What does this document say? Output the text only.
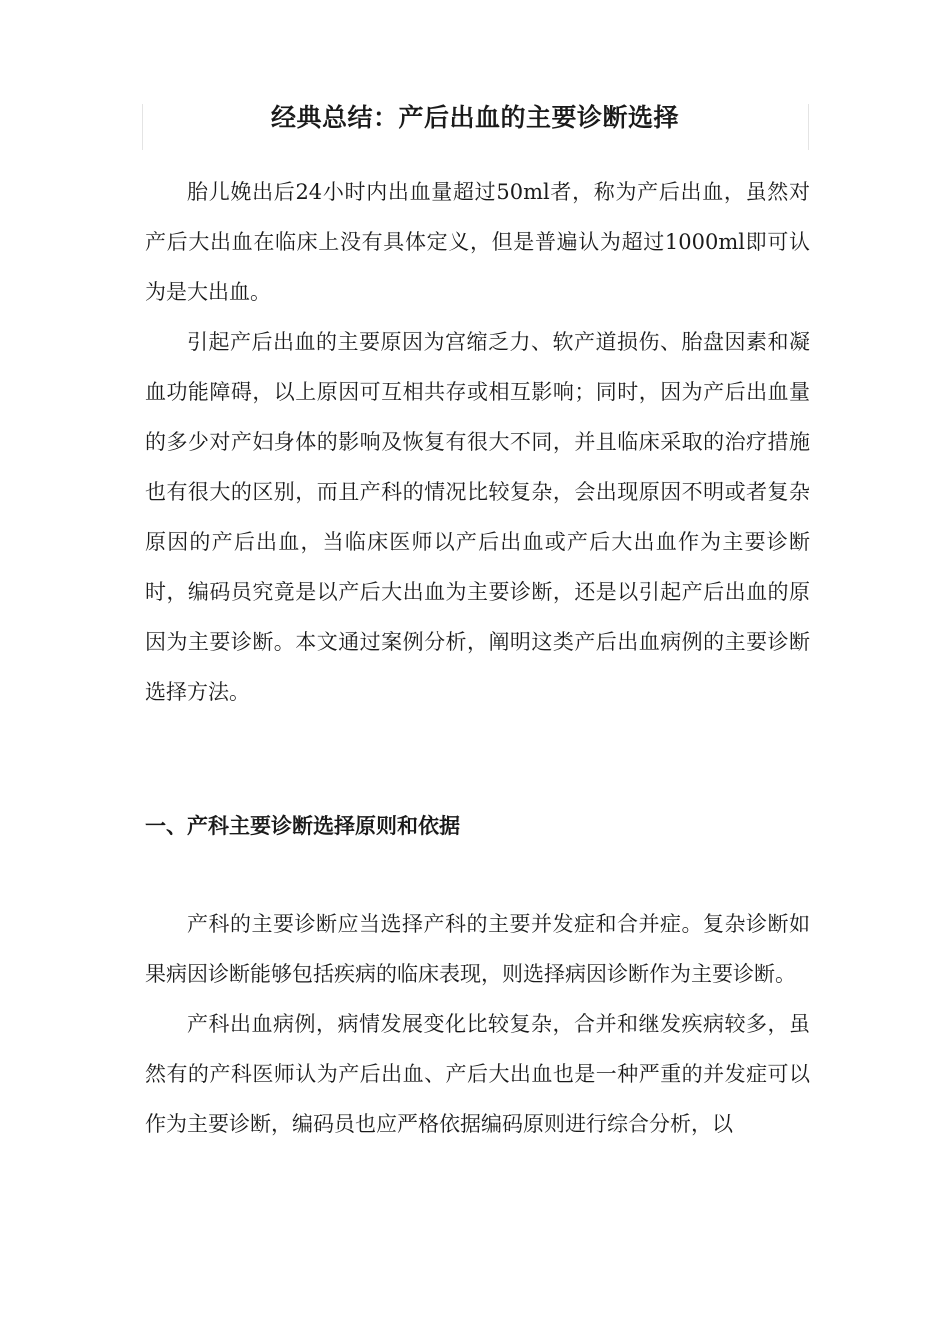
经典总结：产后出血的主要诊断选择

胎儿娩出后24小时内出血量超过50ml者，称为产后出血，虽然对产后大出血在临床上没有具体定义，但是普遍认为超过1000ml即可认为是大出血。

引起产后出血的主要原因为宫缩乏力、软产道损伤、胎盘因素和凝血功能障碍，以上原因可互相共存或相互影响；同时，因为产后出血量的多少对产妇身体的影响及恢复有很大不同，并且临床采取的治疗措施也有很大的区别，而且产科的情况比较复杂，会出现原因不明或者复杂原因的产后出血，当临床医师以产后出血或产后大出血作为主要诊断时，编码员究竟是以产后大出血为主要诊断，还是以引起产后出血的原因为主要诊断。本文通过案例分析，阐明这类产后出血病例的主要诊断选择方法。

一、产科主要诊断选择原则和依据

产科的主要诊断应当选择产科的主要并发症和合并症。复杂诊断如果病因诊断能够包括疾病的临床表现，则选择病因诊断作为主要诊断。

产科出血病例，病情发展变化比较复杂，合并和继发疾病较多，虽然有的产科医师认为产后出血、产后大出血也是一种严重的并发症可以作为主要诊断，编码员也应严格依据编码原则进行综合分析，以
